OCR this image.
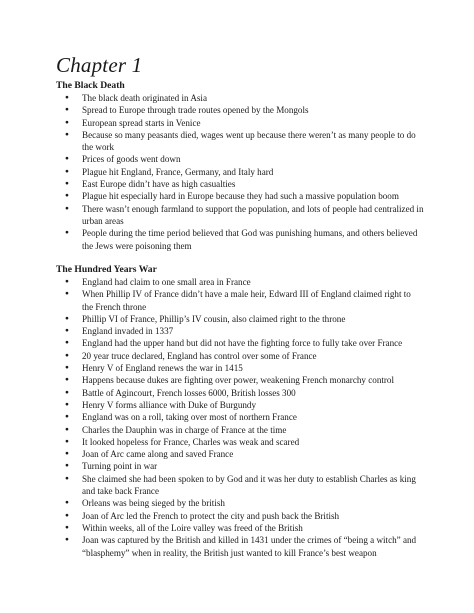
Chapter 1
The Black Death
● The black death originated in Asia
● Spread to Europe through trade routes opened by the Mongols
● European spread starts in Venice
● Because so many peasants died, wages went up because there weren’t as many people to do the work
● Prices of goods went down
● Plague hit England, France, Germany, and Italy hard
● East Europe didn’t have as high casualties
● Plague hit especially hard in Europe because they had such a massive population boom
● There wasn’t enough farmland to support the population, and lots of people had centralized in urban areas
● People during the time period believed that God was punishing humans, and others believed the Jews were poisoning them
The Hundred Years War
● England had claim to one small area in France
● When Phillip IV of France didn’t have a male heir, Edward III of England claimed right to the French throne
● Phillip VI of France, Phillip’s IV cousin, also claimed right to the throne
● England invaded in 1337
● England had the upper hand but did not have the fighting force to fully take over France
● 20 year truce declared, England has control over some of France
● Henry V of England renews the war in 1415
● Happens because dukes are fighting over power, weakening French monarchy control
● Battle of Agincourt, French losses 6000, British losses 300
● Henry V forms alliance with Duke of Burgundy
● England was on a roll, taking over most of northern France
● Charles the Dauphin was in charge of France at the time
● It looked hopeless for France, Charles was weak and scared
● Joan of Arc came along and saved France
● Turning point in war
● She claimed she had been spoken to by God and it was her duty to establish Charles as king and take back France
● Orleans was being sieged by the british
● Joan of Arc led the French to protect the city and push back the British
● Within weeks, all of the Loire valley was freed of the British
● Joan was captured by the British and killed in 1431 under the crimes of “being a witch” and “blasphemy” when in reality, the British just wanted to kill France’s best weapon
